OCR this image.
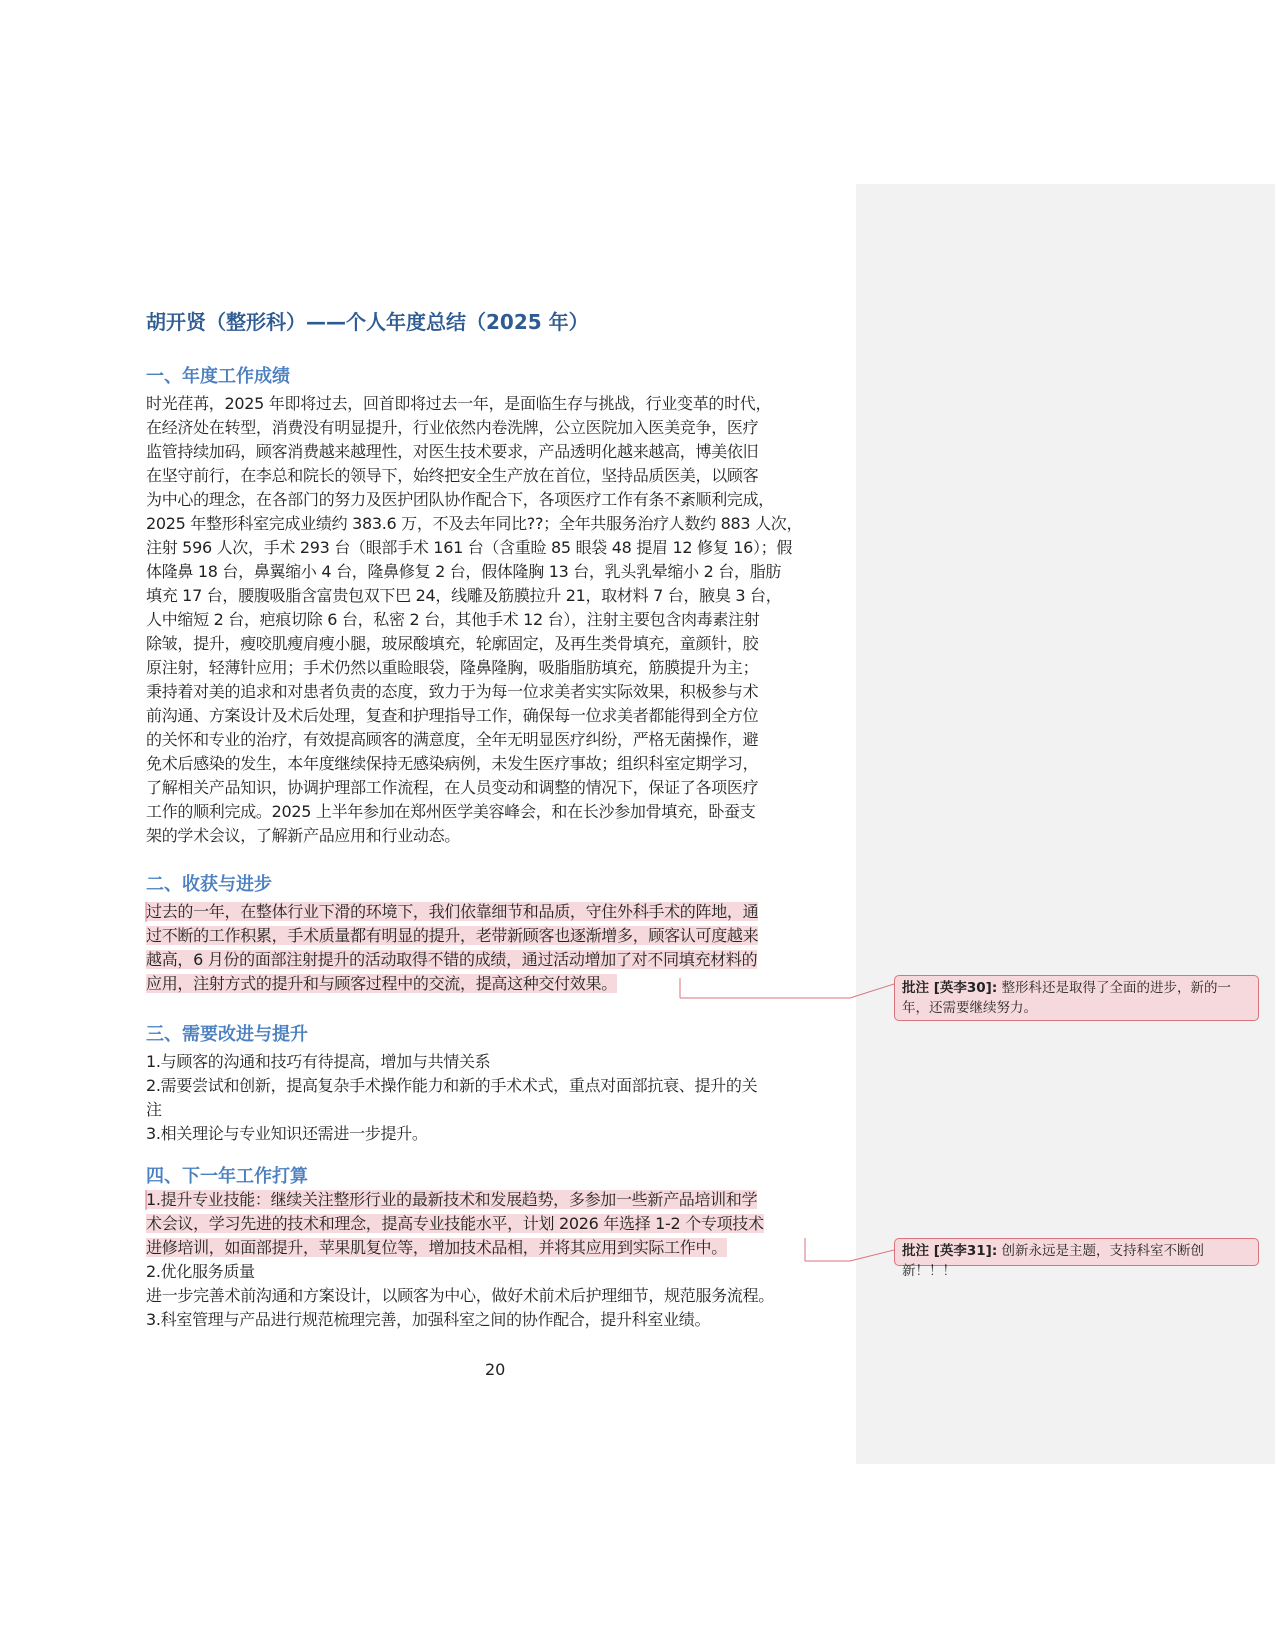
胡开贤（整形科）——个人年度总结（2025 年）
一、年度工作成绩
时光荏苒，2025 年即将过去，回首即将过去一年，是面临生存与挑战，行业变革的时代，
在经济处在转型，消费没有明显提升，行业依然内卷洗牌，公立医院加入医美竞争，医疗
监管持续加码，顾客消费越来越理性，对医生技术要求，产品透明化越来越高，博美依旧
在坚守前行，在李总和院长的领导下，始终把安全生产放在首位，坚持品质医美，以顾客
为中心的理念，在各部门的努力及医护团队协作配合下，各项医疗工作有条不紊顺利完成，
2025 年整形科室完成业绩约 383.6 万，不及去年同比??；全年共服务治疗人数约 883 人次，
注射 596 人次，手术 293 台（眼部手术 161 台（含重睑 85 眼袋 48 提眉 12 修复 16）；假
体隆鼻 18 台，鼻翼缩小 4 台，隆鼻修复 2 台，假体隆胸 13 台，乳头乳晕缩小 2 台，脂肪
填充 17 台，腰腹吸脂含富贵包双下巴 24，线雕及筋膜拉升 21，取材料 7 台，腋臭 3 台，
人中缩短 2 台，疤痕切除 6 台，私密 2 台，其他手术 12 台），注射主要包含肉毒素注射
除皱，提升，瘦咬肌瘦肩瘦小腿，玻尿酸填充，轮廓固定，及再生类骨填充，童颜针，胶
原注射，轻薄针应用；手术仍然以重睑眼袋，隆鼻隆胸，吸脂脂肪填充，筋膜提升为主；
秉持着对美的追求和对患者负责的态度，致力于为每一位求美者实实际效果，积极参与术
前沟通、方案设计及术后处理，复查和护理指导工作，确保每一位求美者都能得到全方位
的关怀和专业的治疗，有效提高顾客的满意度，全年无明显医疗纠纷，严格无菌操作，避
免术后感染的发生，本年度继续保持无感染病例，未发生医疗事故；组织科室定期学习，
了解相关产品知识，协调护理部工作流程，在人员变动和调整的情况下，保证了各项医疗
工作的顺利完成。2025 上半年参加在郑州医学美容峰会，和在长沙参加骨填充，卧蚕支
架的学术会议，了解新产品应用和行业动态。
二、收获与进步
过去的一年，在整体行业下滑的环境下，我们依靠细节和品质，守住外科手术的阵地，通
过不断的工作积累，手术质量都有明显的提升，老带新顾客也逐渐增多，顾客认可度越来
越高，6 月份的面部注射提升的活动取得不错的成绩，通过活动增加了对不同填充材料的
应用，注射方式的提升和与顾客过程中的交流，提高这种交付效果。
三、需要改进与提升
1.与顾客的沟通和技巧有待提高，增加与共情关系
2.需要尝试和创新，提高复杂手术操作能力和新的手术术式，重点对面部抗衰、提升的关
注
3.相关理论与专业知识还需进一步提升。
四、下一年工作打算
1.提升专业技能：继续关注整形行业的最新技术和发展趋势，多参加一些新产品培训和学
术会议，学习先进的技术和理念，提高专业技能水平，计划 2026 年选择 1-2 个专项技术
进修培训，如面部提升，苹果肌复位等，增加技术品相，并将其应用到实际工作中。
2.优化服务质量
进一步完善术前沟通和方案设计，以顾客为中心，做好术前术后护理细节，规范服务流程。
3.科室管理与产品进行规范梳理完善，加强科室之间的协作配合，提升科室业绩。
20
批注 [英李30]: 整形科还是取得了全面的进步，新的一年，还需要继续努力。
批注 [英李31]: 创新永远是主题，支持科室不断创新！！！
